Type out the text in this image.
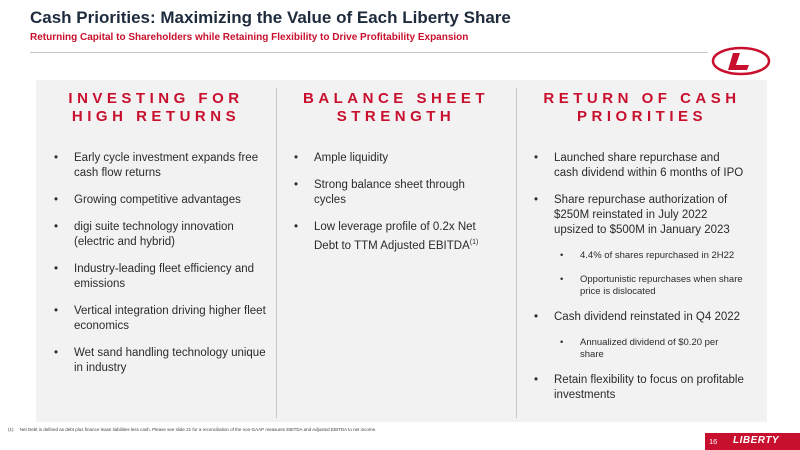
Cash Priorities: Maximizing the Value of Each Liberty Share
Returning Capital to Shareholders while Retaining Flexibility to Drive Profitability Expansion
INVESTING FOR
HIGH RETURNS
• Early cycle investment expands free cash flow returns
• Growing competitive advantages
• digi suite technology innovation (electric and hybrid)
• Industry-leading fleet efficiency and emissions
• Vertical integration driving higher fleet economics
• Wet sand handling technology unique in industry
BALANCE SHEET
STRENGTH
• Ample liquidity
• Strong balance sheet through cycles
• Low leverage profile of 0.2x Net Debt to TTM Adjusted EBITDA$^{(1)}$
RETURN OF CASH
PRIORITIES
• Launched share repurchase and cash dividend within 6 months of IPO
• Share repurchase authorization of $250M reinstated in July 2022 upsized to $500M in January 2023
• 4.4% of shares repurchased in 2H22
• Opportunistic repurchases when share price is dislocated
• Cash dividend reinstated in Q4 2022
• Annualized dividend of $0.20 per share
• Retain flexibility to focus on profitable investments
(1) Net Debt is defined as debt plus finance lease liabilities less cash. Please see slide 21 for a reconciliation of the non-GAAP measures EBITDA and Adjusted EBITDA to net income.
16 LIBERTY
